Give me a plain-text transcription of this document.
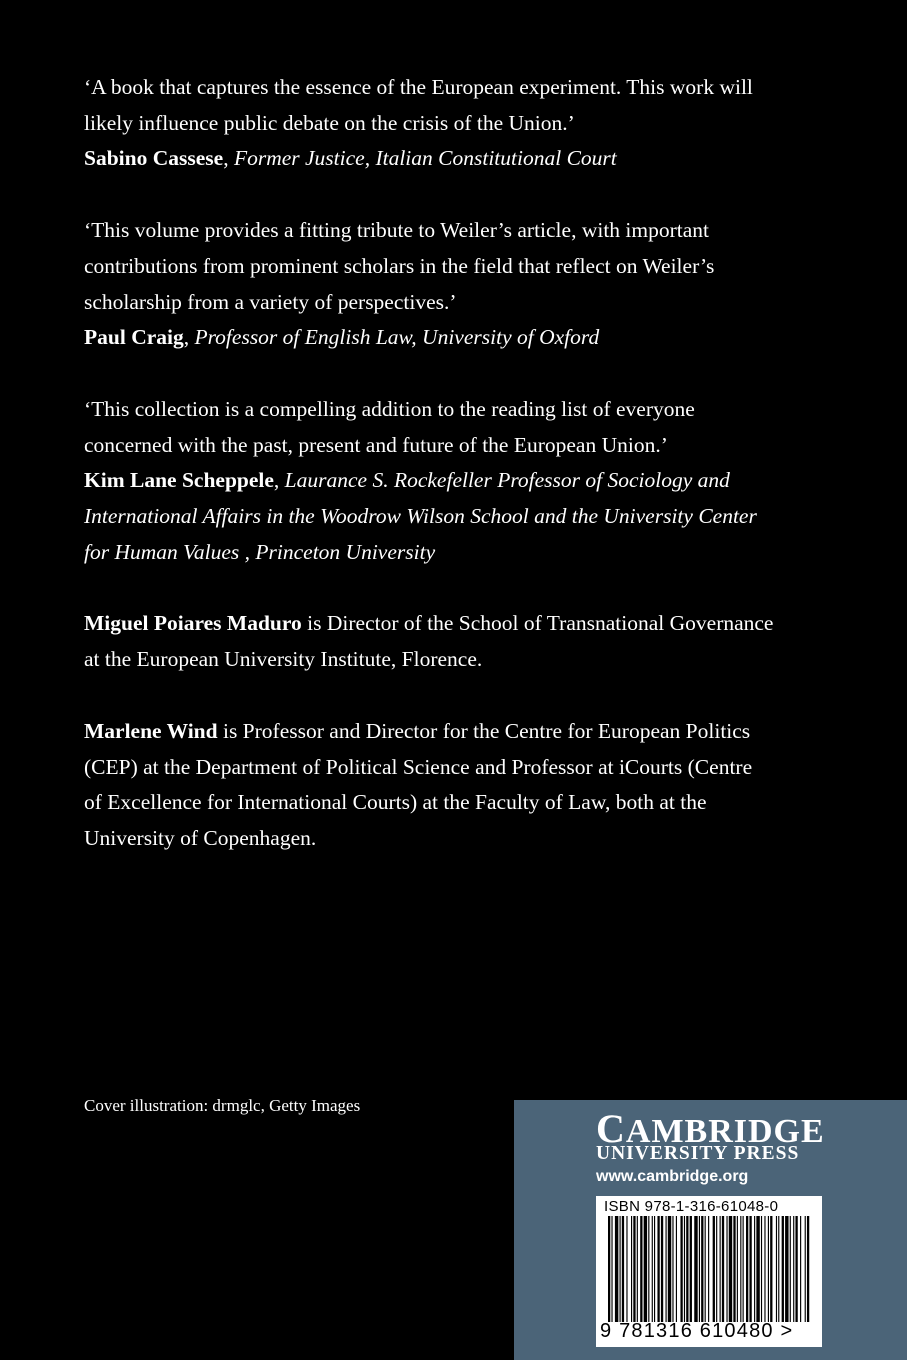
‘A book that captures the essence of the European experiment. This work will likely influence public debate on the crisis of the Union.’
Sabino Cassese, Former Justice, Italian Constitutional Court

‘This volume provides a fitting tribute to Weiler’s article, with important contributions from prominent scholars in the field that reflect on Weiler’s scholarship from a variety of perspectives.’
Paul Craig, Professor of English Law, University of Oxford

‘This collection is a compelling addition to the reading list of everyone concerned with the past, present and future of the European Union.’
Kim Lane Scheppele, Laurance S. Rockefeller Professor of Sociology and International Affairs in the Woodrow Wilson School and the University Center for Human Values , Princeton University

Miguel Poiares Maduro is Director of the School of Transnational Governance at the European University Institute, Florence.

Marlene Wind is Professor and Director for the Centre for European Politics (CEP) at the Department of Political Science and Professor at iCourts (Centre of Excellence for International Courts) at the Faculty of Law, both at the University of Copenhagen.

Cover illustration: drmglc, Getty Images
CAMBRIDGE
UNIVERSITY PRESS
www.cambridge.org
ISBN 978-1-316-61048-0
9 781316 610480 >
